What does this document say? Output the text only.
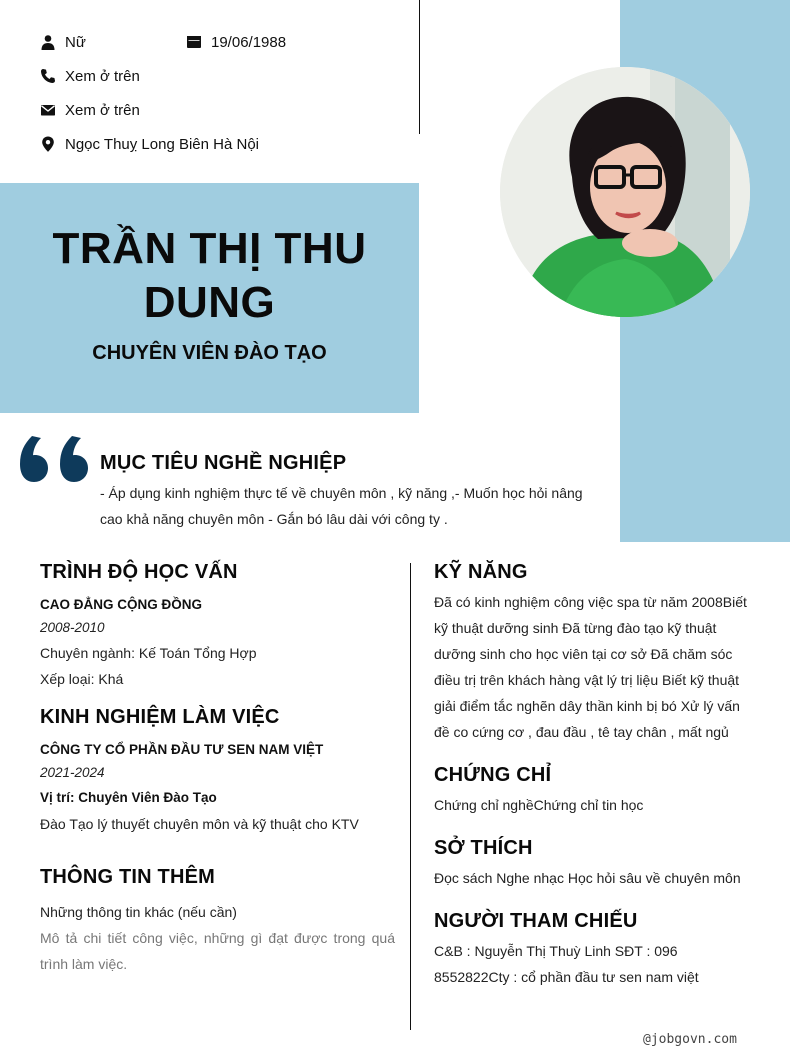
Nữ	19/06/1988
Xem ở trên
Xem ở trên
Ngọc Thuỵ Long Biên Hà Nội
TRẦN THỊ THU
DUNG
CHUYÊN VIÊN ĐÀO TẠO
MỤC TIÊU NGHỀ NGHIỆP
- Áp dụng kinh nghiệm thực tế về chuyên môn , kỹ năng ,- Muốn học hỏi nâng cao khả năng chuyên môn - Gắn bó lâu dài với công ty .
TRÌNH ĐỘ HỌC VẤN
CAO ĐẲNG CỘNG ĐỒNG
2008-2010
Chuyên ngành: Kế Toán Tổng Hợp
Xếp loại: Khá
KINH NGHIỆM LÀM VIỆC
CÔNG TY CỔ PHẦN ĐẦU TƯ SEN NAM VIỆT
2021-2024
Vị trí: Chuyên Viên Đào Tạo
Đào Tạo lý thuyết chuyên môn và kỹ thuật cho KTV
THÔNG TIN THÊM
Những thông tin khác (nếu cần)
Mô tả chi tiết công việc, những gì đạt được trong quá trình làm việc.
KỸ NĂNG
Đã có kinh nghiệm công việc spa từ năm 2008Biết kỹ thuật dưỡng sinh Đã từng đào tạo kỹ thuật dưỡng sinh cho học viên tại cơ sở Đã chăm sóc điều trị trên khách hàng vật lý trị liệu Biết kỹ thuật giải điểm tắc nghẽn dây thần kinh bị bó Xử lý vấn đề co cứng cơ , đau đầu , tê tay chân , mất ngủ
CHỨNG CHỈ
Chứng chỉ nghềChứng chỉ tin học
SỞ THÍCH
Đọc sách Nghe nhạc Học hỏi sâu về chuyên môn
NGƯỜI THAM CHIẾU
C&B : Nguyễn Thị Thuỳ Linh SĐT : 096 8552822Cty : cổ phần đầu tư sen nam việt
@jobgovn.com
